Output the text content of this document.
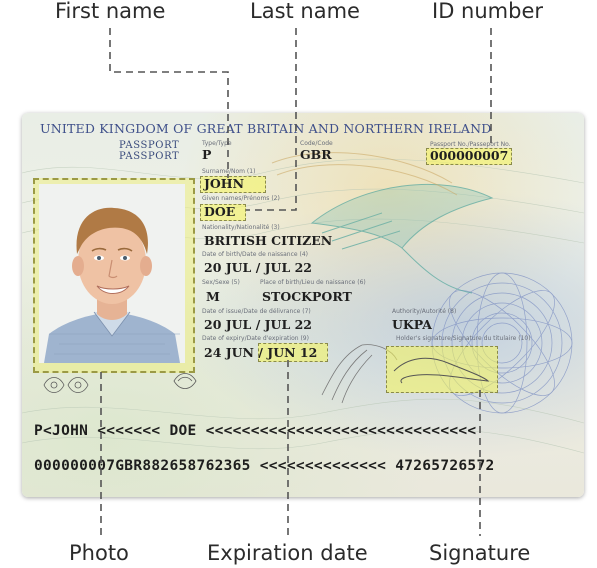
First name	Last name	ID number
Photo	Expiration date	Signature
UNITED KINGDOM OF GREAT BRITAIN AND NORTHERN IRELAND
PASSPORT
PASSPORT
Type/Type
P
Code/Code
GBR
Passport No./Passeport No.
000000007
Surname/Nom (1)
JOHN
Given names/Prénoms (2)
DOE
Nationality/Nationalité (3)
BRITISH CITIZEN
Date of birth/Date de naissance (4)
20 JUL / JUL 22
Sex/Sexe (5)
M
Place of birth/Lieu de naissance (6)
STOCKPORT
Date of issue/Date de délivrance (7)
20 JUL / JUL 22
Authority/Autorité (8)
UKPA
Date of expiry/Date d'expiration (9)
24 JUN / JUN 12
Holder's signature/Signature du titulaire (10)
P<JOHN <<<<<<< DOE <<<<<<<<<<<<<<<<<<<<<<<<<<<<<<
000000007GBR882658762365 <<<<<<<<<<<<<< 47265726572
